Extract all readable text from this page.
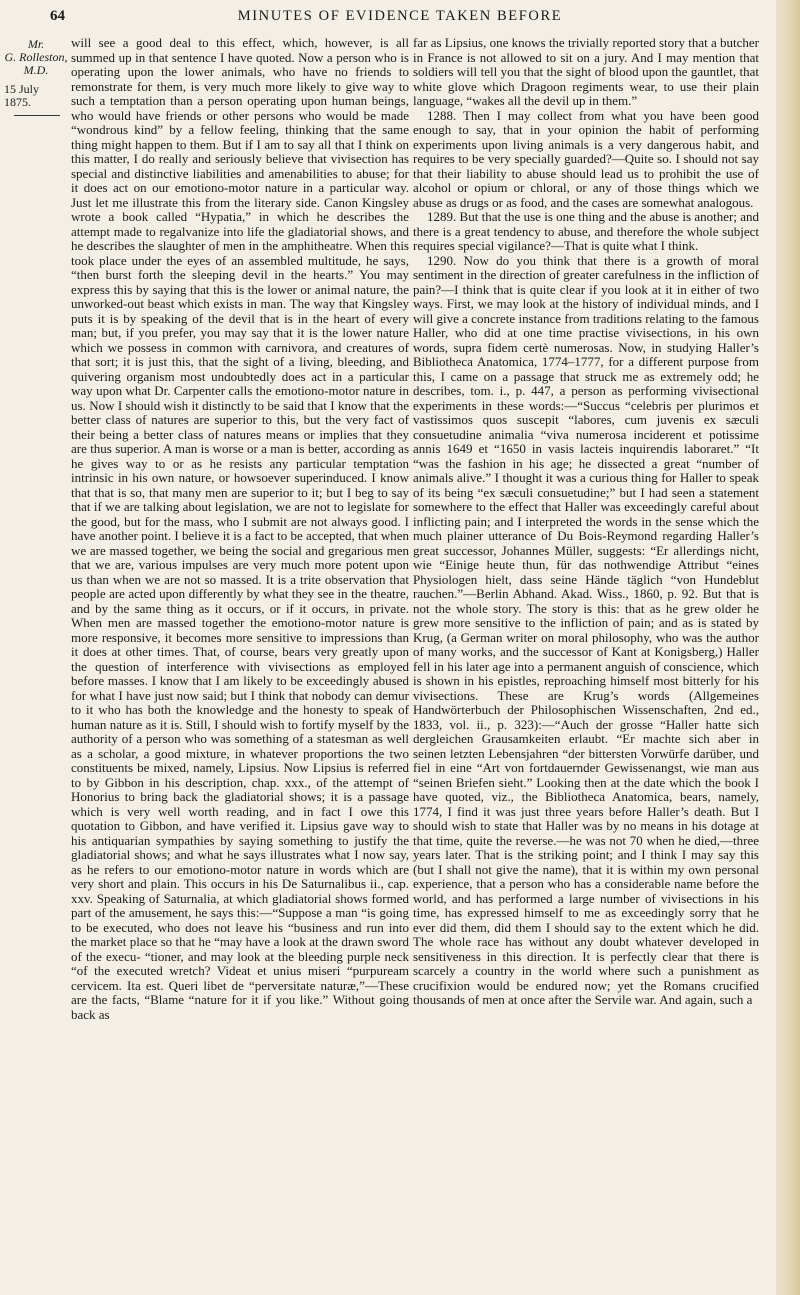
64	MINUTES OF EVIDENCE TAKEN BEFORE
Mr.
G. Rolleston,
M.D.
15 July 1875.

will see a good deal to this effect, which, however, is all summed up in that sentence I have quoted. Now a person who is operating upon the lower animals, who have no friends to remonstrate for them, is very much more likely to give way to such a temptation than a person operating upon human beings, who would have friends or other persons who would be made “wondrous kind” by a fellow feeling, thinking that the same thing might happen to them. But if I am to say all that I think on this matter, I do really and seriously believe that vivisection has special and distinctive liabilities and amenabilities to abuse; for it does act on our emotiono-motor nature in a particular way. Just let me illustrate this from the literary side. Canon Kingsley wrote a book called “Hypatia,” in which he describes the attempt made to regalvanize into life the gladiatorial shows, and he describes the slaughter of men in the amphitheatre. When this took place under the eyes of an assembled multitude, he says, “then burst forth the sleeping devil in the hearts.” You may express this by saying that this is the lower or animal nature, the unworked-out beast which exists in man. The way that Kingsley puts it is by speaking of the devil that is in the heart of every man; but, if you prefer, you may say that it is the lower nature which we possess in common with carnivora, and creatures of that sort; it is just this, that the sight of a living, bleeding, and quivering organism most undoubtedly does act in a particular way upon what Dr. Carpenter calls the emotiono-motor nature in us. Now I should wish it distinctly to be said that I know that the better class of natures are superior to this, but the very fact of their being a better class of natures means or implies that they are thus superior. A man is worse or a man is better, according as he gives way to or as he resists any particular temptation intrinsic in his own nature, or howsoever superinduced. I know that that is so, that many men are superior to it; but I beg to say that if we are talking about legislation, we are not to legislate for the good, but for the mass, who I submit are not always good. I have another point. I believe it is a fact to be accepted, that when we are massed together, we being the social and gregarious men that we are, various impulses are very much more potent upon us than when we are not so massed. It is a trite observation that people are acted upon differently by what they see in the theatre, and by the same thing as it occurs, or if it occurs, in private. When men are massed together the emotiono-motor nature is more responsive, it becomes more sensitive to impressions than it does at other times. That, of course, bears very greatly upon the question of interference with vivisections as employed before masses. I know that I am likely to be exceedingly abused for what I have just now said; but I think that nobody can demur to it who has both the knowledge and the honesty to speak of human nature as it is. Still, I should wish to fortify myself by the authority of a person who was something of a statesman as well as a scholar, a good mixture, in whatever proportions the two constituents be mixed, namely, Lipsius. Now Lipsius is referred to by Gibbon in his description, chap. xxx., of the attempt of Honorius to bring back the gladiatorial shows; it is a passage which is very well worth reading, and in fact I owe this quotation to Gibbon, and have verified it. Lipsius gave way to his antiquarian sympathies by saying something to justify the gladiatorial shows; and what he says illustrates what I now say, as he refers to our emotiono-motor nature in words which are very short and plain. This occurs in his De Saturnalibus ii., cap. xxv. Speaking of Saturnalia, at which gladiatorial shows formed part of the amusement, he says this:—“Suppose a man “is going to be executed, who does not leave his “business and run into the market place so that he “may have a look at the drawn sword of the execu- “tioner, and may look at the bleeding purple neck “of the executed wretch? Videat et unius miseri “purpuream cervicem. Ita est. Queri libet de “perversitate naturæ,”—These are the facts, “Blame “nature for it if you like.” Without going back as

far as Lipsius, one knows the trivially reported story that a butcher in France is not allowed to sit on a jury. And I may mention that soldiers will tell you that the sight of blood upon the gauntlet, that white glove which Dragoon regiments wear, to use their plain language, “wakes all the devil up in them.”

1288. Then I may collect from what you have been good enough to say, that in your opinion the habit of performing experiments upon living animals is a very dangerous habit, and requires to be very specially guarded?—Quite so. I should not say that their liability to abuse should lead us to prohibit the use of alcohol or opium or chloral, or any of those things which we abuse as drugs or as food, and the cases are somewhat analogous.

1289. But that the use is one thing and the abuse is another; and there is a great tendency to abuse, and therefore the whole subject requires special vigilance?—That is quite what I think.

1290. Now do you think that there is a growth of moral sentiment in the direction of greater carefulness in the infliction of pain?—I think that is quite clear if you look at it in either of two ways. First, we may look at the history of individual minds, and I will give a concrete instance from traditions relating to the famous Haller, who did at one time practise vivisections, in his own words, supra fidem certè numerosas. Now, in studying Haller’s Bibliotheca Anatomica, 1774–1777, for a different purpose from this, I came on a passage that struck me as extremely odd; he describes, tom. i., p. 447, a person as performing vivisectional experiments in these words:—“Succus “celebris per plurimos et vastissimos quos suscepit “labores, cum juvenis ex sæculi consuetudine animalia “viva numerosa inciderent et potissime annis 1649 et “1650 in vasis lacteis inquirendis laboraret.” “It “was the fashion in his age; he dissected a great “number of animals alive.” I thought it was a curious thing for Haller to speak of its being “ex sæculi consuetudine;” but I had seen a statement somewhere to the effect that Haller was exceedingly careful about inflicting pain; and I interpreted the words in the sense which the much plainer utterance of Du Bois-Reymond regarding Haller’s great successor, Johannes Müller, suggests: “Er allerdings nicht, wie “Einige heute thun, für das nothwendige Attribut “eines Physiologen hielt, dass seine Hände täglich “von Hundeblut rauchen.”—Berlin Abhand. Akad. Wiss., 1860, p. 92. But that is not the whole story. The story is this: that as he grew older he grew more sensitive to the infliction of pain; and as is stated by Krug, (a German writer on moral philosophy, who was the author of many works, and the successor of Kant at Konigsberg,) Haller fell in his later age into a permanent anguish of conscience, which is shown in his epistles, reproaching himself most bitterly for his vivisections. These are Krug’s words (Allgemeines Handwörterbuch der Philosophischen Wissenschaften, 2nd ed., 1833, vol. ii., p. 323):—“Auch der grosse “Haller hatte sich dergleichen Grausamkeiten erlaubt. “Er machte sich aber in seinen letzten Lebensjahren “der bittersten Vorwürfe darüber, und fiel in eine “Art von fortdauernder Gewissenangst, wie man aus “seinen Briefen sieht.” Looking then at the date which the book I have quoted, viz., the Bibliotheca Anatomica, bears, namely, 1774, I find it was just three years before Haller’s death. But I should wish to state that Haller was by no means in his dotage at that time, quite the reverse.—he was not 70 when he died,—three years later. That is the striking point; and I think I may say this (but I shall not give the name), that it is within my own personal experience, that a person who has a considerable name before the world, and has performed a large number of vivisections in his time, has expressed himself to me as exceedingly sorry that he ever did them, did them I should say to the extent which he did. The whole race has without any doubt whatever developed in sensitiveness in this direction. It is perfectly clear that there is scarcely a country in the world where such a punishment as crucifixion would be endured now; yet the Romans crucified thousands of men at once after the Servile war. And again, such a
